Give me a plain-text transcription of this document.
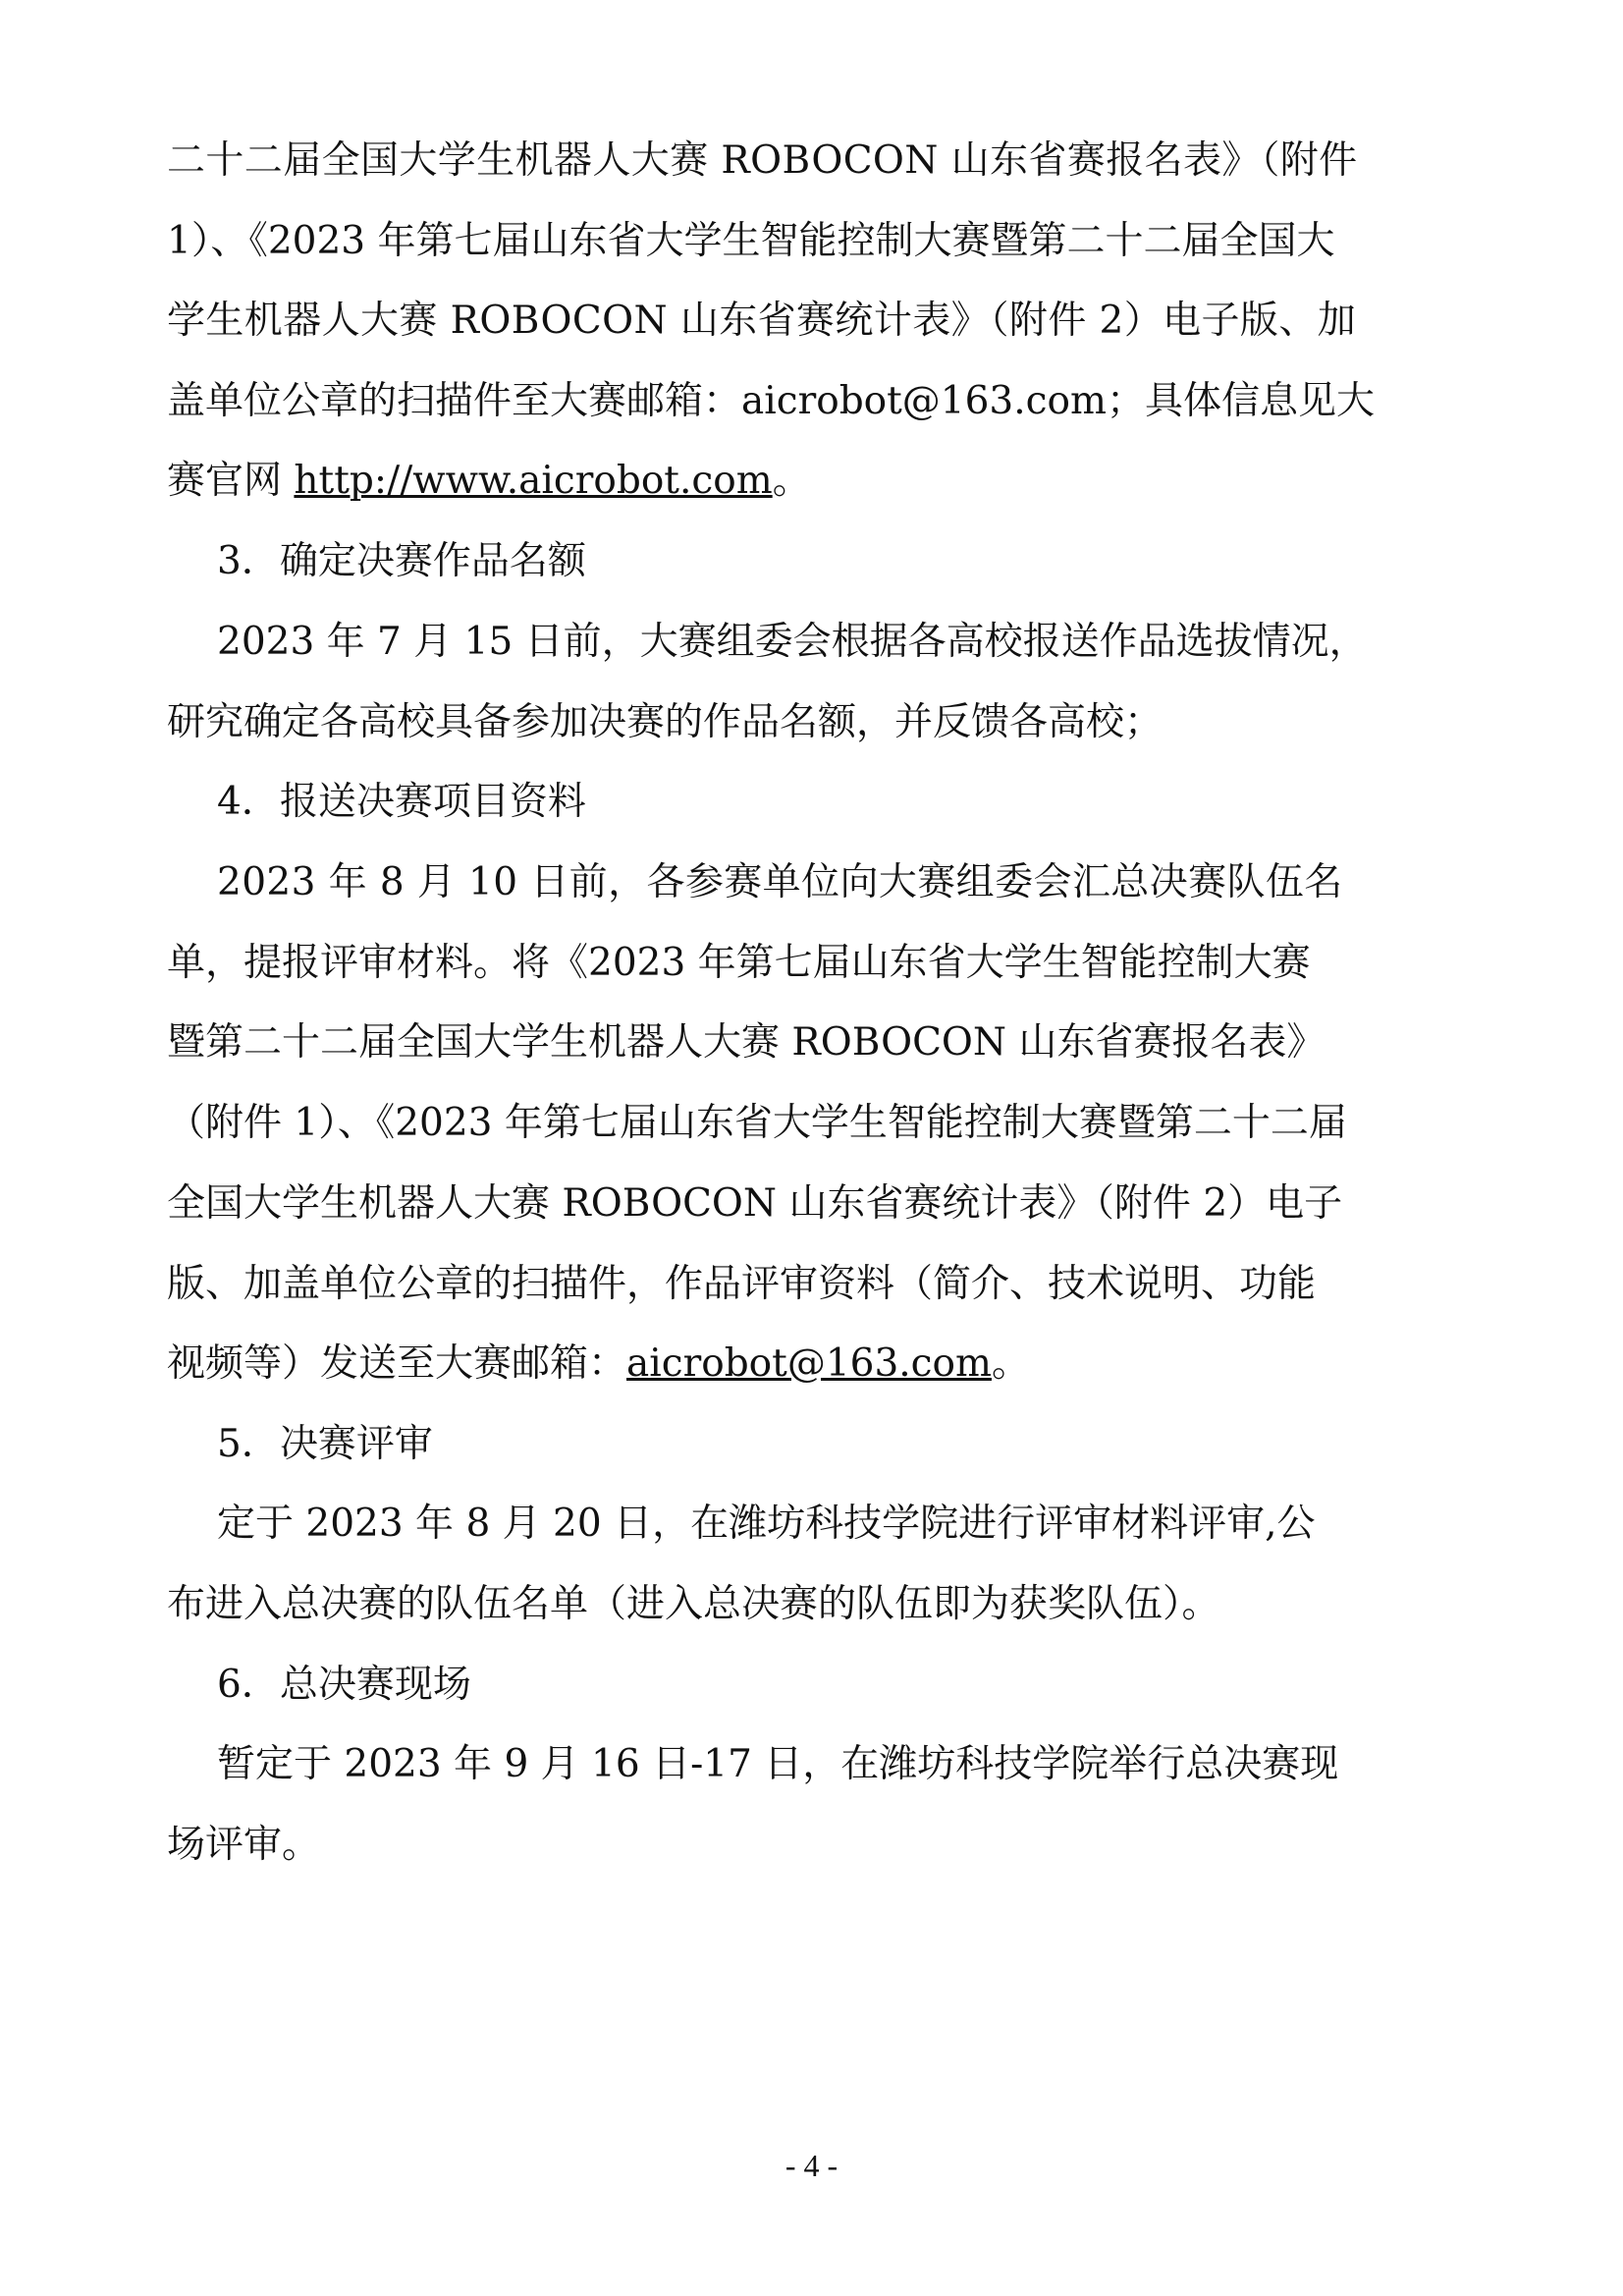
二十二届全国大学生机器人大赛 ROBOCON 山东省赛报名表》（附件
1）、《2023 年第七届山东省大学生智能控制大赛暨第二十二届全国大
学生机器人大赛 ROBOCON 山东省赛统计表》（附件 2）电子版、加
盖单位公章的扫描件至大赛邮箱：aicrobot@163.com；具体信息见大
赛官网 http://www.aicrobot.com。
3．确定决赛作品名额
2023 年 7 月 15 日前，大赛组委会根据各高校报送作品选拔情况，
研究确定各高校具备参加决赛的作品名额，并反馈各高校；
4．报送决赛项目资料
2023 年 8 月 10 日前，各参赛单位向大赛组委会汇总决赛队伍名
单，提报评审材料。将《2023 年第七届山东省大学生智能控制大赛
暨第二十二届全国大学生机器人大赛 ROBOCON 山东省赛报名表》
（附件 1）、《2023 年第七届山东省大学生智能控制大赛暨第二十二届
全国大学生机器人大赛 ROBOCON 山东省赛统计表》（附件 2）电子
版、加盖单位公章的扫描件，作品评审资料（简介、技术说明、功能
视频等）发送至大赛邮箱：aicrobot@163.com。
5．决赛评审
定于 2023 年 8 月 20 日，在潍坊科技学院进行评审材料评审,公
布进入总决赛的队伍名单（进入总决赛的队伍即为获奖队伍）。
6．总决赛现场
暂定于 2023 年 9 月 16 日-17 日，在潍坊科技学院举行总决赛现
场评审。
- 4 -
